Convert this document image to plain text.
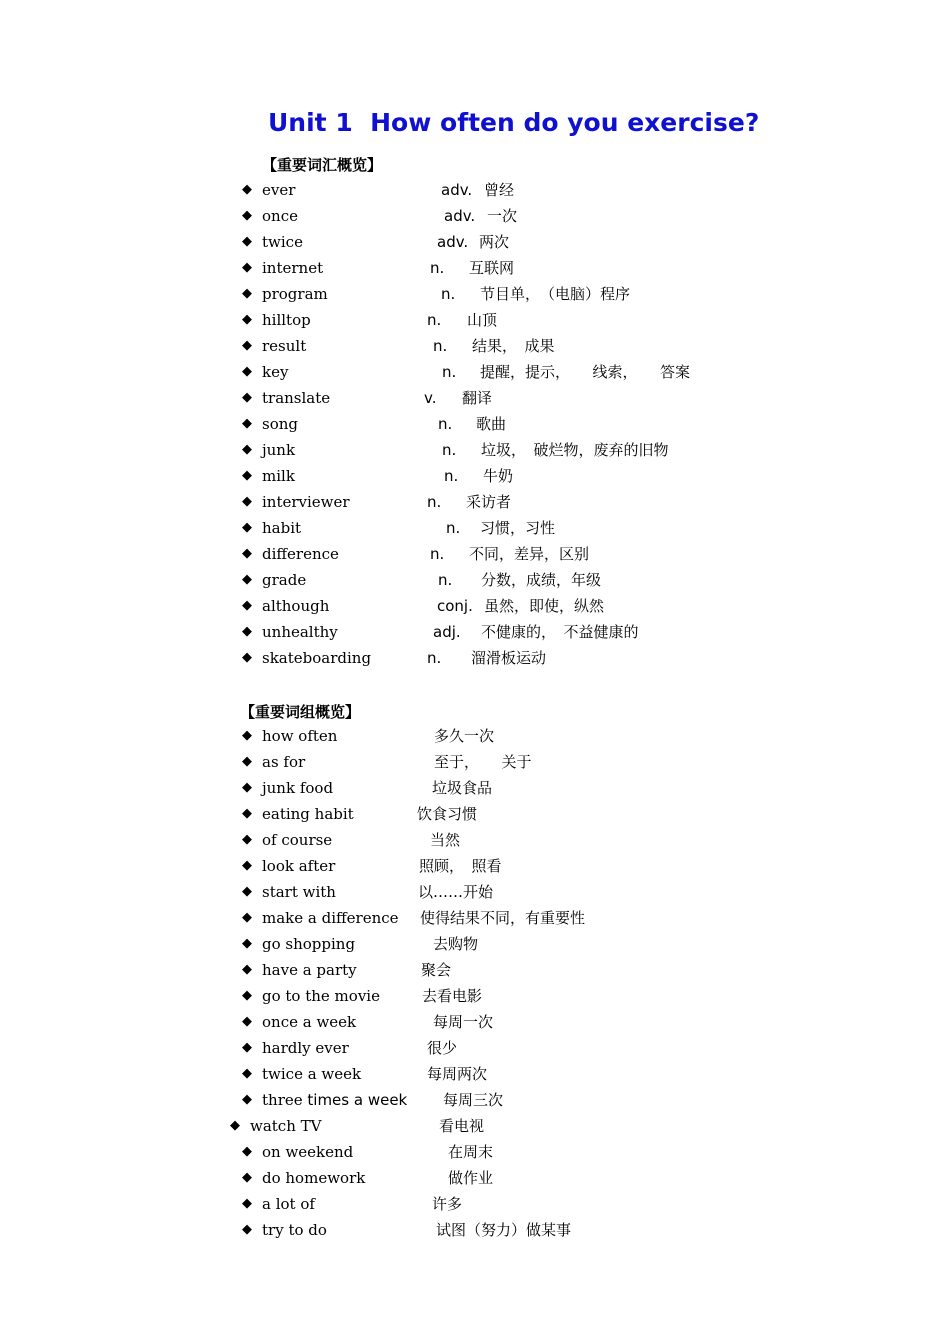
Unit 1  How often do you exercise?
【重要词汇概览】
◆ ever	adv. 曾经
◆ once	adv. 一次
◆ twice	adv. 两次
◆ internet	n. 互联网
◆ program	n. 节目单，　（电脑）程序
◆ hilltop	n. 山顶
◆ result	n. 结果，　成果
◆ key	n. 提醒，提示，　　线索，　　答案
◆ translate	v. 翻译
◆ song	n. 歌曲
◆ junk	n. 垃圾，　破烂物，废弃的旧物
◆ milk	n. 牛奶
◆ interviewer	n. 采访者
◆ habit	n. 习惯，习性
◆ difference	n. 不同，差异，区别
◆ grade	n. 分数，成绩，年级
◆ although	conj. 虽然，即使，纵然
◆ unhealthy	adj. 不健康的，　不益健康的
◆ skateboarding	n. 溜滑板运动
【重要词组概览】
◆ how often	多久一次
◆ as for	至于，　　关于
◆ junk food	垃圾食品
◆ eating habit	饮食习惯
◆ of course	当然
◆ look after	照顾，　照看
◆ start with	以……开始
◆ make a difference 使得结果不同，有重要性
◆ go shopping	去购物
◆ have a party	聚会
◆ go to the movie	去看电影
◆ once a week	每周一次
◆ hardly ever	很少
◆ twice a week	每周两次
◆ three times a week 每周三次
◆ watch TV	看电视
◆ on weekend	在周末
◆ do homework	做作业
◆ a lot of	许多
◆ try to do	试图（努力）做某事
